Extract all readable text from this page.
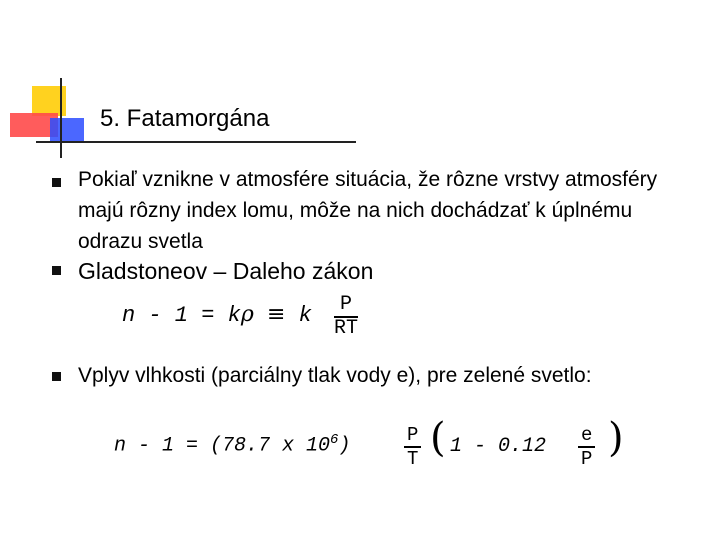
5. Fatamorgána
Pokiaľ vznikne v atmosfére situácia, že rôzne vrstvy atmosféry majú rôzny index lomu, môže na nich dochádzať k úplnému odrazu svetla
Gladstoneov – Daleho zákon
n - 1 = kρ ≡ k $\frac{P}{RT}$
Vplyv vlhkosti (parciálny tlak vody e), pre zelené svetlo:
n - 1 = (78.7 x $10^6$)	$\frac{P}{T}$ ( $1 - 0.12 \frac{e}{P}$ )
